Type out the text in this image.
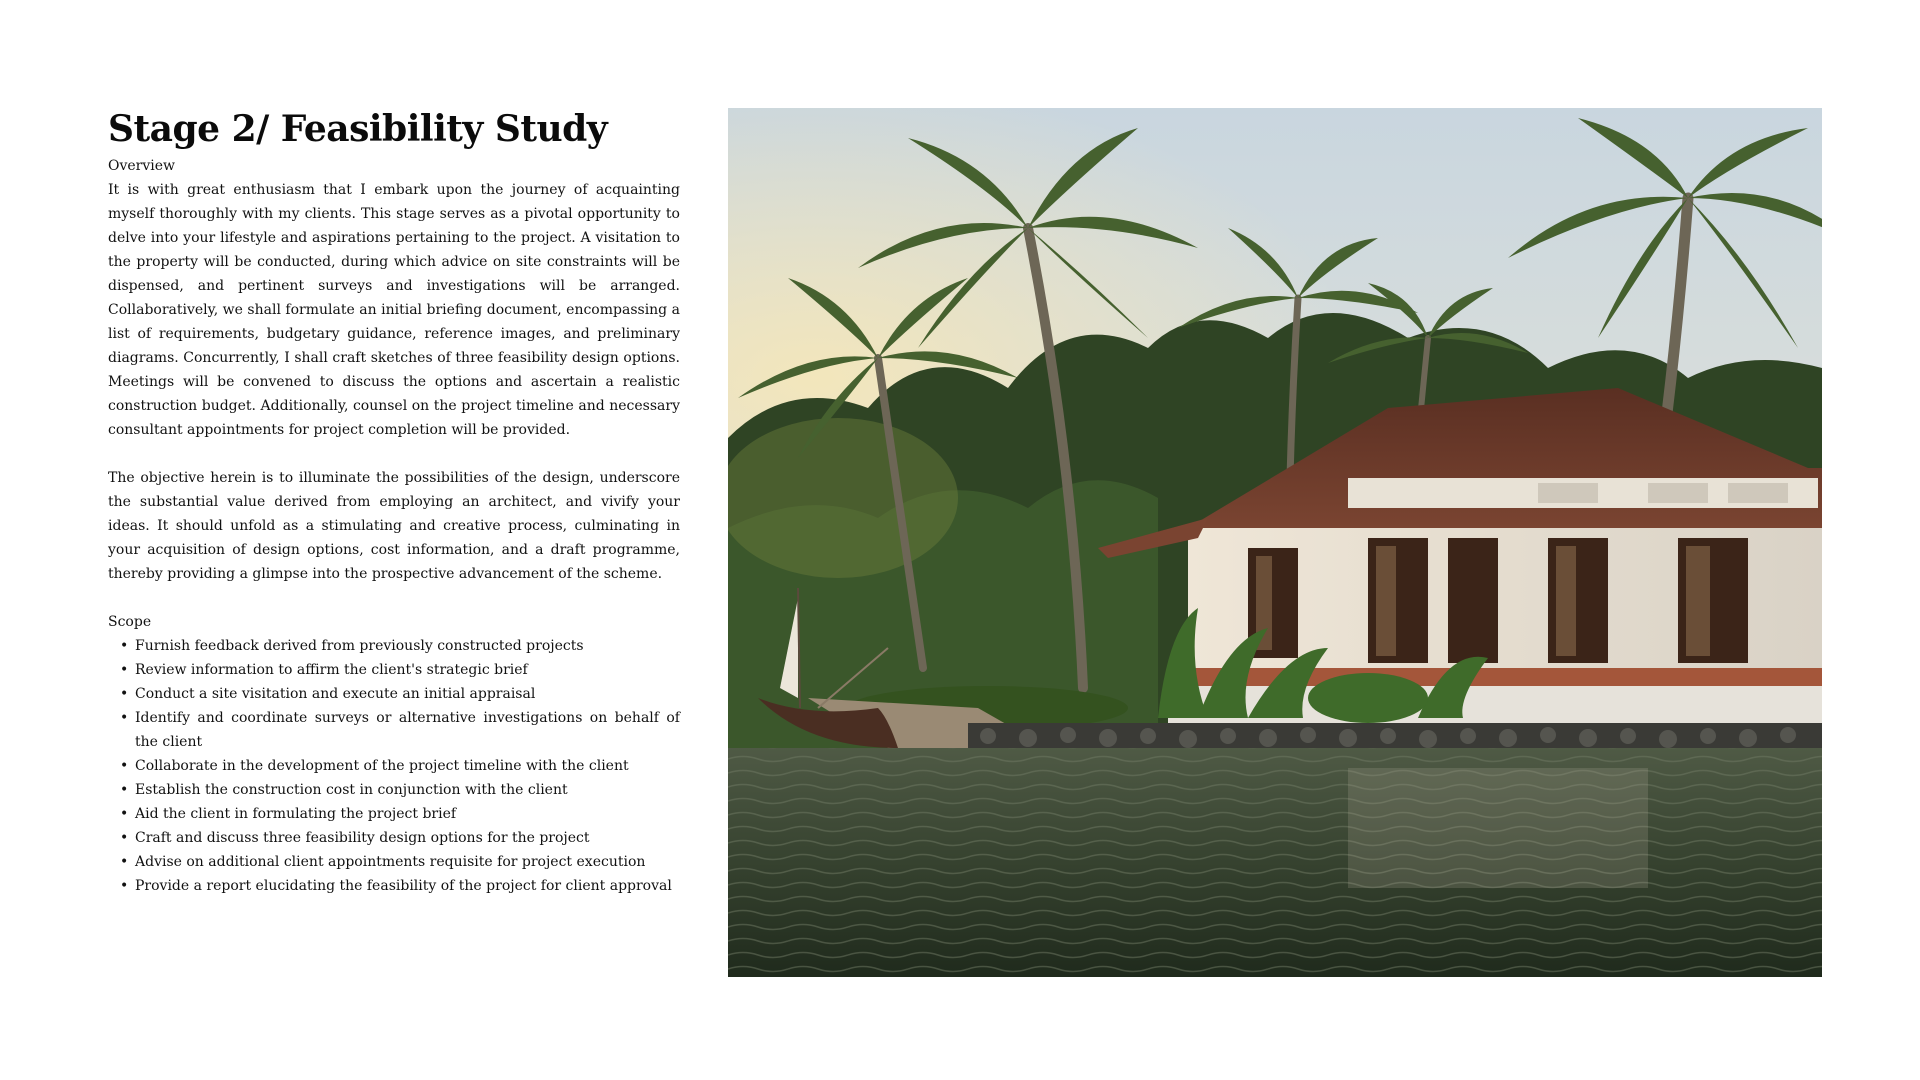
Stage 2/ Feasibility Study

Overview

It is with great enthusiasm that I embark upon the journey of acquainting myself thoroughly with my clients. This stage serves as a pivotal opportunity to delve into your lifestyle and aspirations pertaining to the project. A visitation to the property will be conducted, during which advice on site constraints will be dispensed, and pertinent surveys and investigations will be arranged. Collaboratively, we shall formulate an initial briefing document, encompassing a list of requirements, budgetary guidance, reference images, and preliminary diagrams. Concurrently, I shall craft sketches of three feasibility design options. Meetings will be convened to discuss the options and ascertain a realistic construction budget. Additionally, counsel on the project timeline and necessary consultant appointments for project completion will be provided.

The objective herein is to illuminate the possibilities of the design, underscore the substantial value derived from employing an architect, and vivify your ideas. It should unfold as a stimulating and creative process, culminating in your acquisition of design options, cost information, and a draft programme, thereby providing a glimpse into the prospective advancement of the scheme.

Scope

• Furnish feedback derived from previously constructed projects
• Review information to affirm the client's strategic brief
• Conduct a site visitation and execute an initial appraisal
• Identify and coordinate surveys or alternative investigations on behalf of the client
• Collaborate in the development of the project timeline with the client
• Establish the construction cost in conjunction with the client
• Aid the client in formulating the project brief
• Craft and discuss three feasibility design options for the project
• Advise on additional client appointments requisite for project execution
• Provide a report elucidating the feasibility of the project for client approval
